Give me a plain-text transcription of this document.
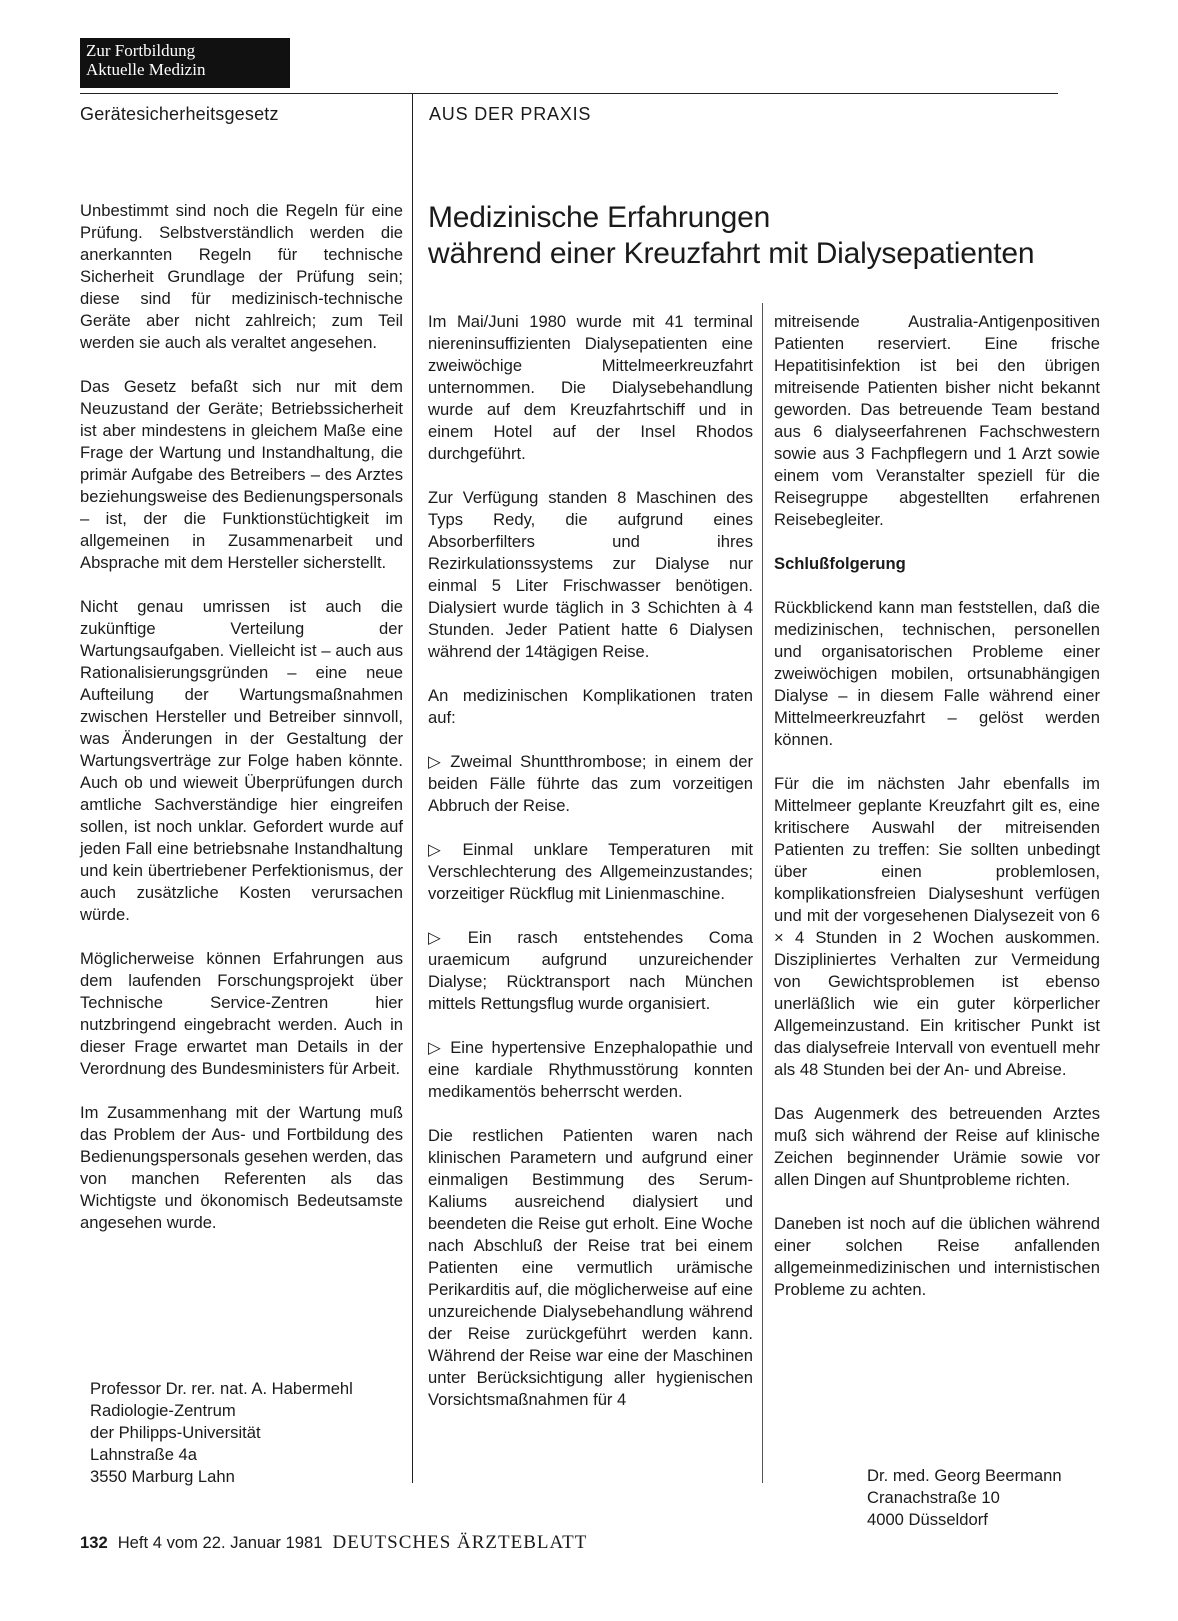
Zur Fortbildung
Aktuelle Medizin
Gerätesicherheitsgesetz	AUS DER PRAXIS
Medizinische Erfahrungen
während einer Kreuzfahrt mit Dialysepatienten

Unbestimmt sind noch die Regeln für eine Prüfung. Selbstverständlich werden die anerkannten Regeln für technische Sicherheit Grundlage der Prüfung sein; diese sind für medizinisch-technische Geräte aber nicht zahlreich; zum Teil werden sie auch als veraltet angesehen.

Das Gesetz befaßt sich nur mit dem Neuzustand der Geräte; Betriebssicherheit ist aber mindestens in gleichem Maße eine Frage der Wartung und Instandhaltung, die primär Aufgabe des Betreibers – des Arztes beziehungsweise des Bedienungspersonals – ist, der die Funktionstüchtigkeit im allgemeinen in Zusammenarbeit und Absprache mit dem Hersteller sicherstellt.

Nicht genau umrissen ist auch die zukünftige Verteilung der Wartungsaufgaben. Vielleicht ist – auch aus Rationalisierungsgründen – eine neue Aufteilung der Wartungsmaßnahmen zwischen Hersteller und Betreiber sinnvoll, was Änderungen in der Gestaltung der Wartungsverträge zur Folge haben könnte. Auch ob und wieweit Überprüfungen durch amtliche Sachverständige hier eingreifen sollen, ist noch unklar. Gefordert wurde auf jeden Fall eine betriebsnahe Instandhaltung und kein übertriebener Perfektionismus, der auch zusätzliche Kosten verursachen würde.

Möglicherweise können Erfahrungen aus dem laufenden Forschungsprojekt über Technische Service-Zentren hier nutzbringend eingebracht werden. Auch in dieser Frage erwartet man Details in der Verordnung des Bundesministers für Arbeit.

Im Zusammenhang mit der Wartung muß das Problem der Aus- und Fortbildung des Bedienungspersonals gesehen werden, das von manchen Referenten als das Wichtigste und ökonomisch Bedeutsamste angesehen wurde.

Professor Dr. rer. nat. A. Habermehl
Radiologie-Zentrum
der Philipps-Universität
Lahnstraße 4a
3550 Marburg Lahn

Im Mai/Juni 1980 wurde mit 41 terminal niereninsuffizienten Dialysepatienten eine zweiwöchige Mittelmeerkreuzfahrt unternommen. Die Dialysebehandlung wurde auf dem Kreuzfahrtschiff und in einem Hotel auf der Insel Rhodos durchgeführt.

Zur Verfügung standen 8 Maschinen des Typs Redy, die aufgrund eines Absorberfilters und ihres Rezirkulationssystems zur Dialyse nur einmal 5 Liter Frischwasser benötigen. Dialysiert wurde täglich in 3 Schichten à 4 Stunden. Jeder Patient hatte 6 Dialysen während der 14tägigen Reise.

An medizinischen Komplikationen traten auf:

▷ Zweimal Shuntthrombose; in einem der beiden Fälle führte das zum vorzeitigen Abbruch der Reise.

▷ Einmal unklare Temperaturen mit Verschlechterung des Allgemeinzustandes; vorzeitiger Rückflug mit Linienmaschine.

▷ Ein rasch entstehendes Coma uraemicum aufgrund unzureichender Dialyse; Rücktransport nach München mittels Rettungsflug wurde organisiert.

▷ Eine hypertensive Enzephalopathie und eine kardiale Rhythmusstörung konnten medikamentös beherrscht werden.

Die restlichen Patienten waren nach klinischen Parametern und aufgrund einer einmaligen Bestimmung des Serum-Kaliums ausreichend dialysiert und beendeten die Reise gut erholt. Eine Woche nach Abschluß der Reise trat bei einem Patienten eine vermutlich urämische Perikarditis auf, die möglicherweise auf eine unzureichende Dialysebehandlung während der Reise zurückgeführt werden kann. Während der Reise war eine der Maschinen unter Berücksichtigung aller hygienischen Vorsichtsmaßnahmen für 4

mitreisende Australia-Antigenpositiven Patienten reserviert. Eine frische Hepatitisinfektion ist bei den übrigen mitreisende Patienten bisher nicht bekannt geworden. Das betreuende Team bestand aus 6 dialyseerfahrenen Fachschwestern sowie aus 3 Fachpflegern und 1 Arzt sowie einem vom Veranstalter speziell für die Reisegruppe abgestellten erfahrenen Reisebegleiter.

Schlußfolgerung

Rückblickend kann man feststellen, daß die medizinischen, technischen, personellen und organisatorischen Probleme einer zweiwöchigen mobilen, ortsunabhängigen Dialyse – in diesem Falle während einer Mittelmeerkreuzfahrt – gelöst werden können.

Für die im nächsten Jahr ebenfalls im Mittelmeer geplante Kreuzfahrt gilt es, eine kritischere Auswahl der mitreisenden Patienten zu treffen: Sie sollten unbedingt über einen problemlosen, komplikationsfreien Dialyseshunt verfügen und mit der vorgesehenen Dialysezeit von 6 × 4 Stunden in 2 Wochen auskommen. Diszipliniertes Verhalten zur Vermeidung von Gewichtsproblemen ist ebenso unerläßlich wie ein guter körperlicher Allgemeinzustand. Ein kritischer Punkt ist das dialysefreie Intervall von eventuell mehr als 48 Stunden bei der An- und Abreise.

Das Augenmerk des betreuenden Arztes muß sich während der Reise auf klinische Zeichen beginnender Urämie sowie vor allen Dingen auf Shuntprobleme richten.

Daneben ist noch auf die üblichen während einer solchen Reise anfallenden allgemeinmedizinischen und internistischen Probleme zu achten.

Dr. med. Georg Beermann
Cranachstraße 10
4000 Düsseldorf
132 Heft 4 vom 22. Januar 1981 DEUTSCHES ÄRZTEBLATT
